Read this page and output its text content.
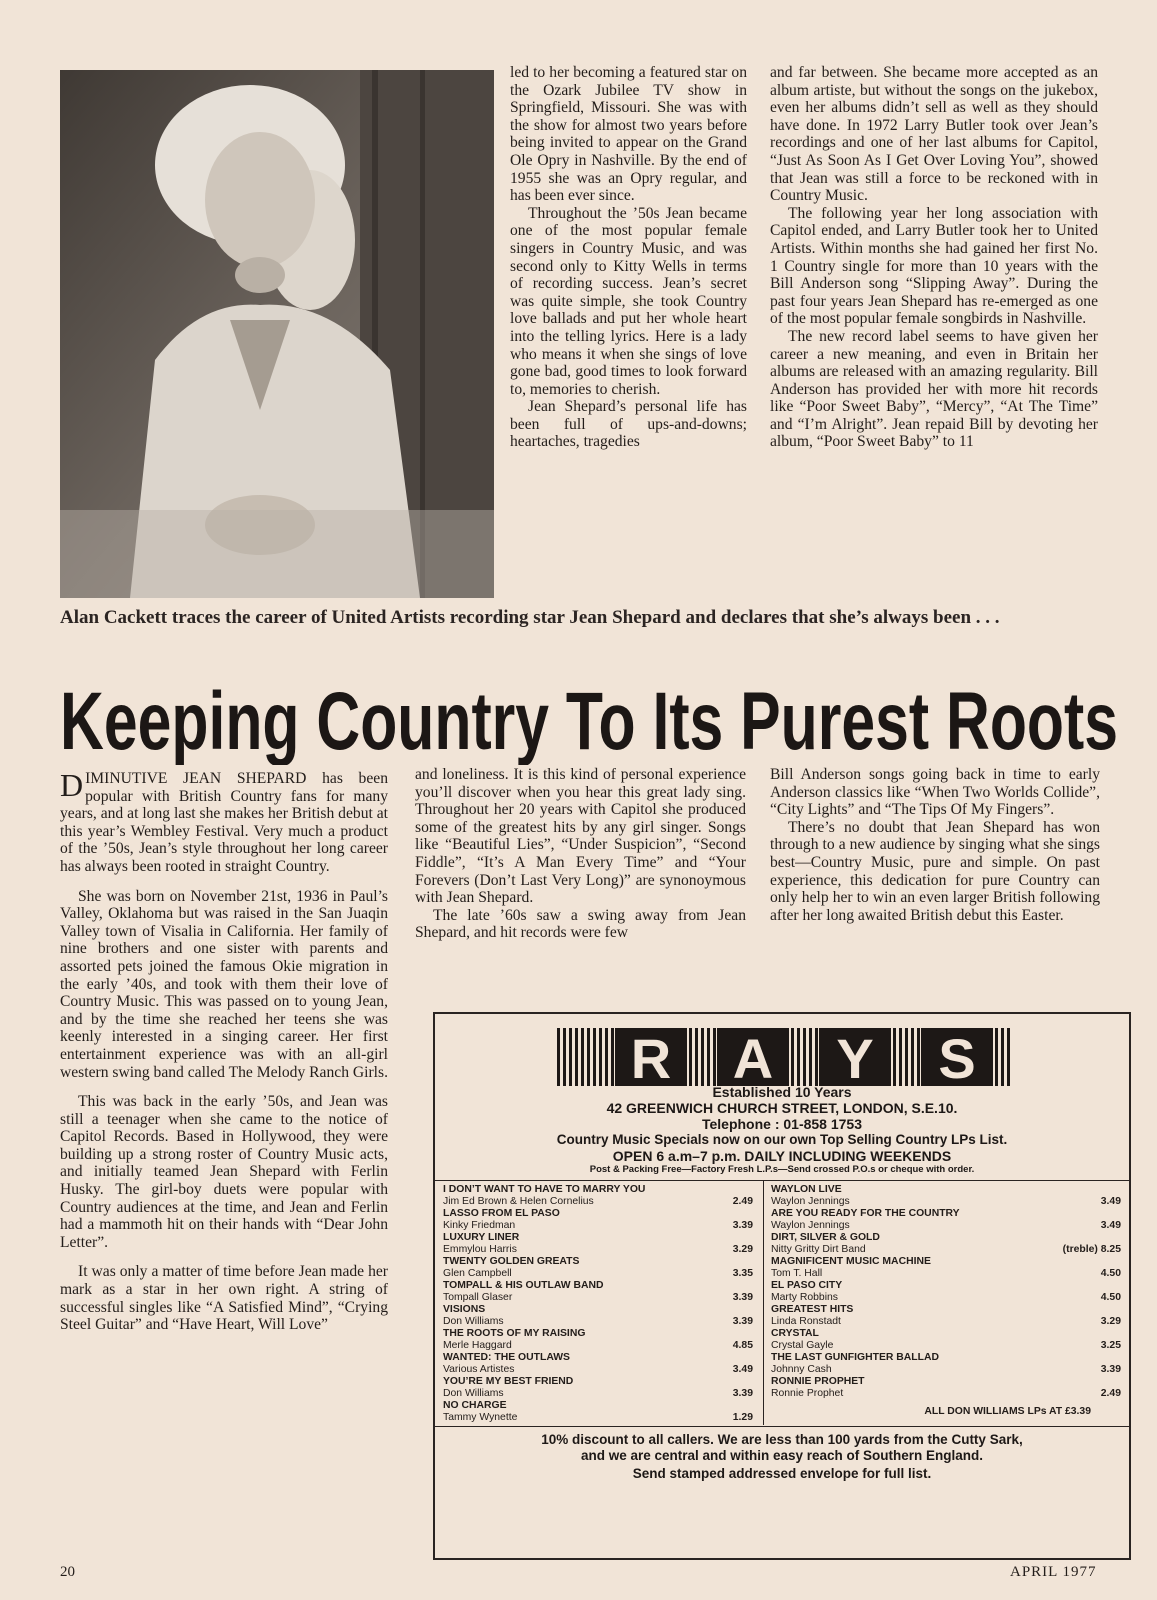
led to her becoming a featured star on the Ozark Jubilee TV show in Springfield, Missouri. She was with the show for almost two years before being invited to appear on the Grand Ole Opry in Nashville. By the end of 1955 she was an Opry regular, and has been ever since.

Throughout the ’50s Jean became one of the most popular female singers in Country Music, and was second only to Kitty Wells in terms of recording success. Jean’s secret was quite simple, she took Country love ballads and put her whole heart into the telling lyrics. Here is a lady who means it when she sings of love gone bad, good times to look forward to, memories to cherish.

Jean Shepard’s personal life has been full of ups-and-downs; heartaches, tragedies

and far between. She became more accepted as an album artiste, but without the songs on the jukebox, even her albums didn’t sell as well as they should have done. In 1972 Larry Butler took over Jean’s recordings and one of her last albums for Capitol, “Just As Soon As I Get Over Loving You”, showed that Jean was still a force to be reckoned with in Country Music.

The following year her long association with Capitol ended, and Larry Butler took her to United Artists. Within months she had gained her first No. 1 Country single for more than 10 years with the Bill Anderson song “Slipping Away”. During the past four years Jean Shepard has re-emerged as one of the most popular female songbirds in Nashville.

The new record label seems to have given her career a new meaning, and even in Britain her albums are released with an amazing regularity. Bill Anderson has provided her with more hit records like “Poor Sweet Baby”, “Mercy”, “At The Time” and “I’m Alright”. Jean repaid Bill by devoting her album, “Poor Sweet Baby” to 11

Alan Cackett traces the career of United Artists recording star Jean Shepard and declares that she’s always been . . .
Keeping Country To Its Purest Roots

DIMINUTIVE JEAN SHEPARD has been popular with British Country fans for many years, and at long last she makes her British debut at this year’s Wembley Festival. Very much a product of the ’50s, Jean’s style throughout her long career has always been rooted in straight Country.

She was born on November 21st, 1936 in Paul’s Valley, Oklahoma but was raised in the San Juaqin Valley town of Visalia in California. Her family of nine brothers and one sister with parents and assorted pets joined the famous Okie migration in the early ’40s, and took with them their love of Country Music. This was passed on to young Jean, and by the time she reached her teens she was keenly interested in a singing career. Her first entertainment experience was with an all-girl western swing band called The Melody Ranch Girls.

This was back in the early ’50s, and Jean was still a teenager when she came to the notice of Capitol Records. Based in Hollywood, they were building up a strong roster of Country Music acts, and initially teamed Jean Shepard with Ferlin Husky. The girl-boy duets were popular with Country audiences at the time, and Jean and Ferlin had a mammoth hit on their hands with “Dear John Letter”.

It was only a matter of time before Jean made her mark as a star in her own right. A string of successful singles like “A Satisfied Mind”, “Crying Steel Guitar” and “Have Heart, Will Love”

and loneliness. It is this kind of personal experience you’ll discover when you hear this great lady sing. Throughout her 20 years with Capitol she produced some of the greatest hits by any girl singer. Songs like “Beautiful Lies”, “Under Suspicion”, “Second Fiddle”, “It’s A Man Every Time” and “Your Forevers (Don’t Last Very Long)” are synonoymous with Jean Shepard.

The late ’60s saw a swing away from Jean Shepard, and hit records were few

Bill Anderson songs going back in time to early Anderson classics like “When Two Worlds Collide”, “City Lights” and “The Tips Of My Fingers”.

There’s no doubt that Jean Shepard has won through to a new audience by singing what she sings best—Country Music, pure and simple. On past experience, this dedication for pure Country can only help her to win an even larger British following after her long awaited British debut this Easter.

R A Y S
Established 10 Years
42 GREENWICH CHURCH STREET, LONDON, S.E.10.
Telephone : 01-858 1753
Country Music Specials now on our own Top Selling Country LPs List.
OPEN 6 a.m–7 p.m. DAILY INCLUDING WEEKENDS
Post & Packing Free—Factory Fresh L.P.s—Send crossed P.O.s or cheque with order.
I DON’T WANT TO HAVE TO MARRY YOU
Jim Ed Brown & Helen Cornelius	2.49
LASSO FROM EL PASO
Kinky Friedman	3.39
LUXURY LINER
Emmylou Harris	3.29
TWENTY GOLDEN GREATS
Glen Campbell	3.35
TOMPALL & HIS OUTLAW BAND
Tompall Glaser	3.39
VISIONS
Don Williams	3.39
THE ROOTS OF MY RAISING
Merle Haggard	4.85
WANTED: THE OUTLAWS
Various Artistes	3.49
YOU’RE MY BEST FRIEND
Don Williams	3.39
NO CHARGE
Tammy Wynette	1.29
WAYLON LIVE
Waylon Jennings	3.49
ARE YOU READY FOR THE COUNTRY
Waylon Jennings	3.49
DIRT, SILVER & GOLD
Nitty Gritty Dirt Band	(treble) 8.25
MAGNIFICENT MUSIC MACHINE
Tom T. Hall	4.50
EL PASO CITY
Marty Robbins	4.50
GREATEST HITS
Linda Ronstadt	3.29
CRYSTAL
Crystal Gayle	3.25
THE LAST GUNFIGHTER BALLAD
Johnny Cash	3.39
RONNIE PROPHET
Ronnie Prophet	2.49
ALL DON WILLIAMS LPs AT £3.39
10% discount to all callers. We are less than 100 yards from the Cutty Sark,
and we are central and within easy reach of Southern England.
Send stamped addressed envelope for full list.
20	APRIL 1977
